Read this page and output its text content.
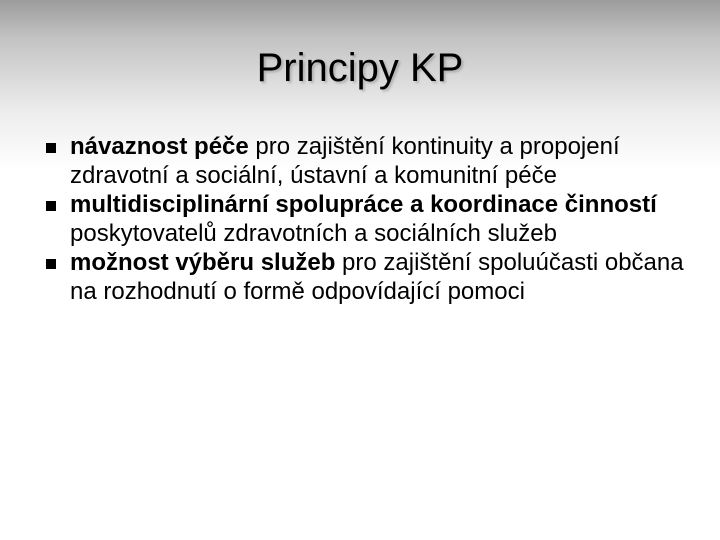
Principy KP
návaznost péče pro zajištění kontinuity a propojení zdravotní a sociální, ústavní a komunitní péče
multidisciplinární spolupráce a koordinace činností poskytovatelů zdravotních a sociálních služeb
možnost výběru služeb pro zajištění spoluúčasti občana na rozhodnutí o formě odpovídající pomoci
